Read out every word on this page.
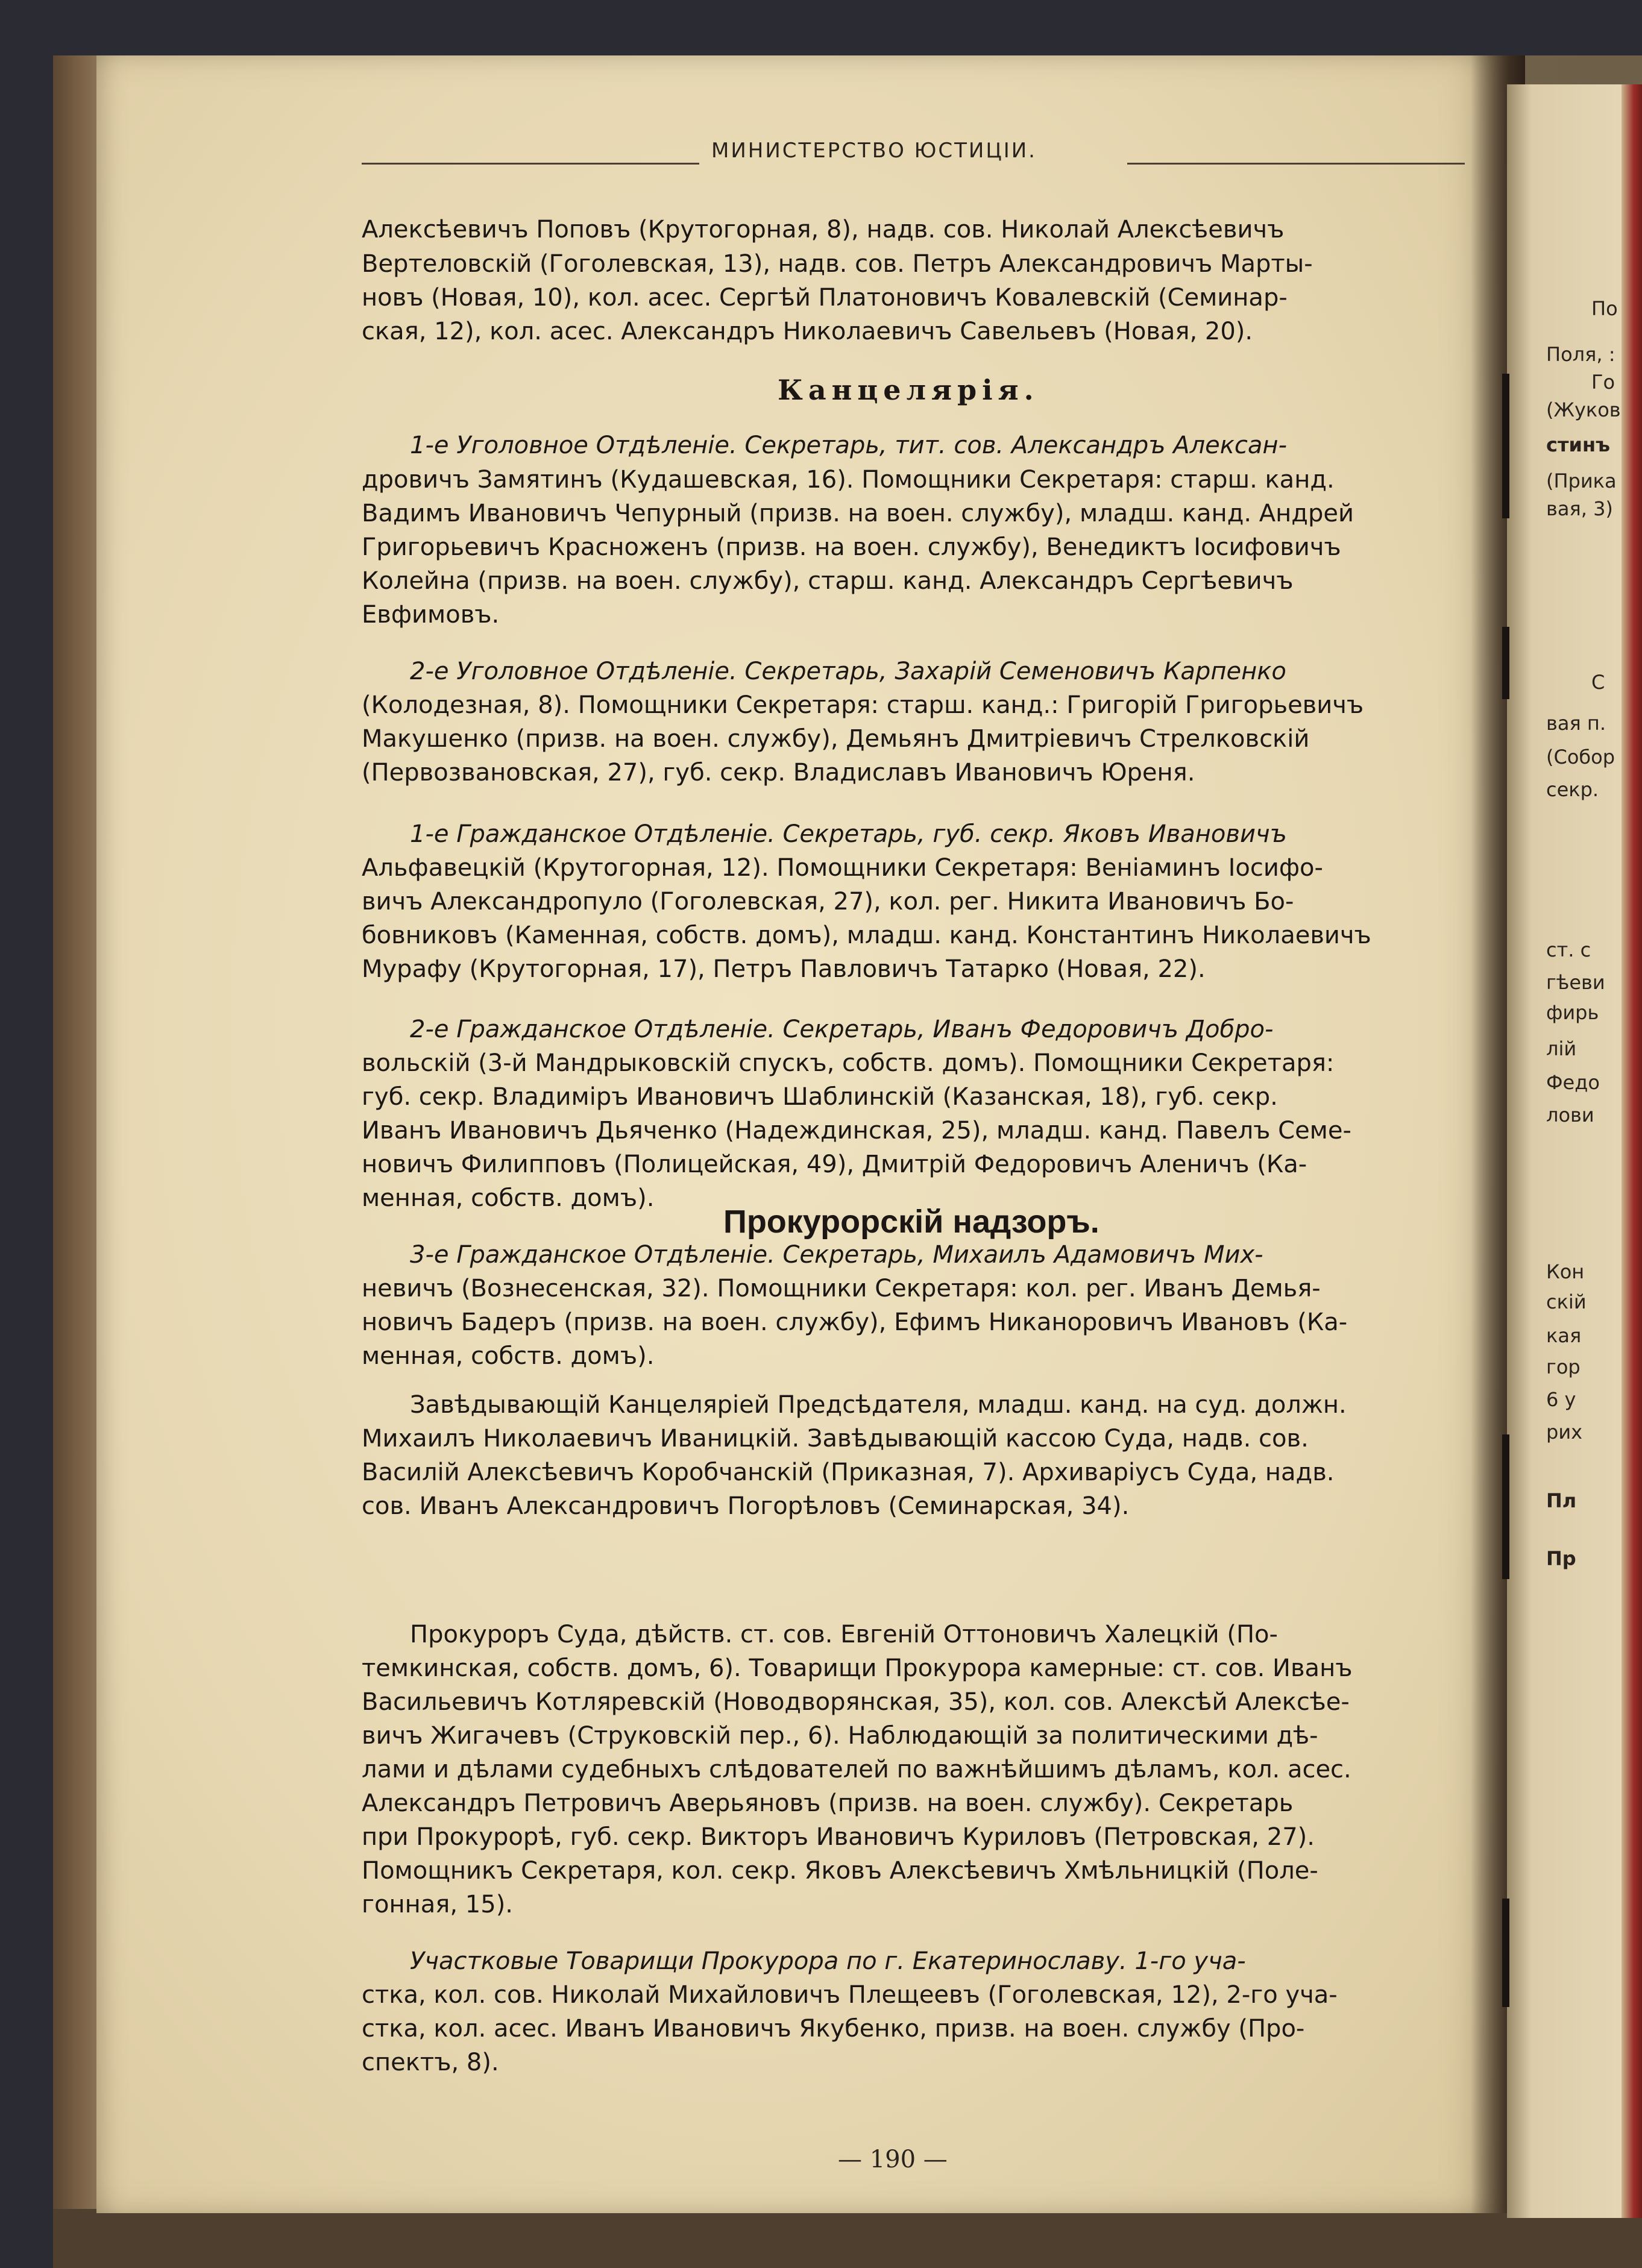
МИНИСТЕРСТВО ЮСТИЦІИ.
Алексѣевичъ Поповъ (Крутогорная, 8), надв. сов. Николай Алексѣевичъ
Вертеловскій (Гоголевская, 13), надв. сов. Петръ Александровичъ Марты-
новъ (Новая, 10), кол. асес. Сергѣй Платоновичъ Ковалевскій (Семинар-
ская, 12), кол. асес. Александръ Николаевичъ Савельевъ (Новая, 20).
1-е Уголовное Отдѣленіе. Секретарь, тит. сов. Александръ Алексан-
дровичъ Замятинъ (Кудашевская, 16). Помощники Секретаря: старш. канд.
Вадимъ Ивановичъ Чепурный (призв. на воен. службу), младш. канд. Андрей
Григорьевичъ Красноженъ (призв. на воен. службу), Венедиктъ Іосифовичъ
Колейна (призв. на воен. службу), старш. канд. Александръ Сергѣевичъ
Евфимовъ.
2-е Уголовное Отдѣленіе. Секретарь, Захарій Семеновичъ Карпенко
(Колодезная, 8). Помощники Секретаря: старш. канд.: Григорій Григорьевичъ
Макушенко (призв. на воен. службу), Демьянъ Дмитріевичъ Стрелковскій
(Первозвановская, 27), губ. секр. Владиславъ Ивановичъ Юреня.
1-е Гражданское Отдѣленіе. Секретарь, губ. секр. Яковъ Ивановичъ
Альфавецкій (Крутогорная, 12). Помощники Секретаря: Веніаминъ Іосифо-
вичъ Александропуло (Гоголевская, 27), кол. рег. Никита Ивановичъ Бо-
бовниковъ (Каменная, собств. домъ), младш. канд. Константинъ Николаевичъ
Мурафу (Крутогорная, 17), Петръ Павловичъ Татарко (Новая, 22).
2-е Гражданское Отдѣленіе. Секретарь, Иванъ Федоровичъ Добро-
вольскій (3-й Мандрыковскій спускъ, собств. домъ). Помощники Секретаря:
губ. секр. Владиміръ Ивановичъ Шаблинскій (Казанская, 18), губ. секр.
Иванъ Ивановичъ Дьяченко (Надеждинская, 25), младш. канд. Павелъ Семе-
новичъ Филипповъ (Полицейская, 49), Дмитрій Федоровичъ Аленичъ (Ка-
менная, собств. домъ).
3-е Гражданское Отдѣленіе. Секретарь, Михаилъ Адамовичъ Мих-
невичъ (Вознесенская, 32). Помощники Секретаря: кол. рег. Иванъ Демья-
новичъ Бадеръ (призв. на воен. службу), Ефимъ Никаноровичъ Ивановъ (Ка-
менная, собств. домъ).
Завѣдывающій Канцеляріей Предсѣдателя, младш. канд. на суд. должн.
Михаилъ Николаевичъ Иваницкій. Завѣдывающій кассою Суда, надв. сов.
Василій Алексѣевичъ Коробчанскій (Приказная, 7). Архиваріусъ Суда, надв.
сов. Иванъ Александровичъ Погорѣловъ (Семинарская, 34).
Прокуроръ Суда, дѣйств. ст. сов. Евгеній Оттоновичъ Халецкій (По-
темкинская, собств. домъ, 6). Товарищи Прокурора камерные: ст. сов. Иванъ
Васильевичъ Котляревскій (Новодворянская, 35), кол. сов. Алексѣй Алексѣе-
вичъ Жигачевъ (Струковскій пер., 6). Наблюдающій за политическими дѣ-
лами и дѣлами судебныхъ слѣдователей по важнѣйшимъ дѣламъ, кол. асес.
Александръ Петровичъ Аверьяновъ (призв. на воен. службу). Секретарь
при Прокурорѣ, губ. секр. Викторъ Ивановичъ Куриловъ (Петровская, 27).
Помощникъ Секретаря, кол. секр. Яковъ Алексѣевичъ Хмѣльницкій (Поле-
гонная, 15).
Участковые Товарищи Прокурора по г. Екатеринославу. 1-го уча-
стка, кол. сов. Николай Михайловичъ Плещеевъ (Гоголевская, 12), 2-го уча-
стка, кол. асес. Иванъ Ивановичъ Якубенко, призв. на воен. службу (Про-
спектъ, 8).
Канцелярія.
Прокурорскій надзоръ.
— 190 —
По
Поля, :
Го
(Жуков
стинъ
(Прика
вая, 3)
С
вая п.
(Собор
секр.
ст. с
гѣеви
фирь
лій
Федо
лови
Кон
скій
кая
гор
6 у
рих
Пл
Пр
